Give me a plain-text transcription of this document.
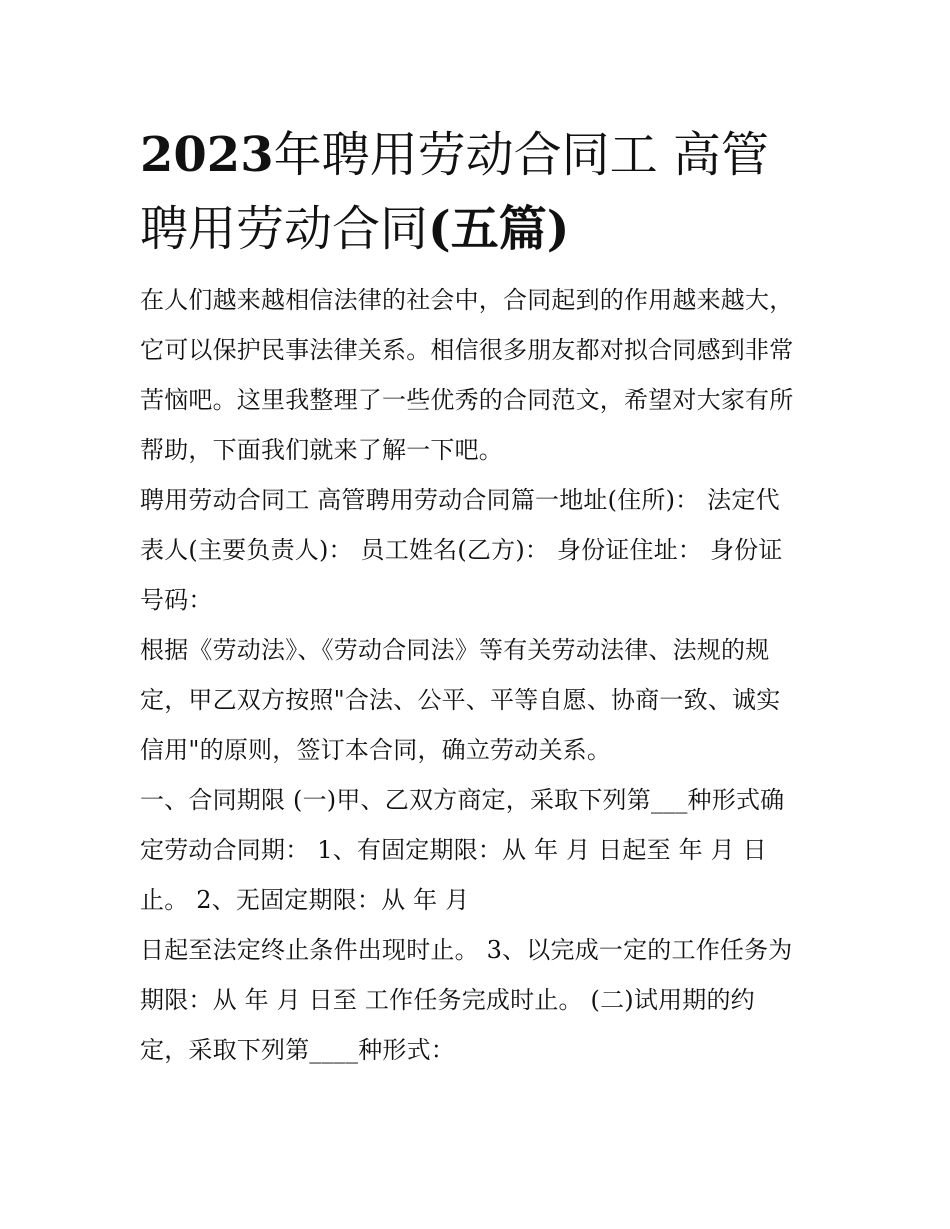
2023年聘用劳动合同工 高管
聘用劳动合同(五篇)
在人们越来越相信法律的社会中，合同起到的作用越来越大，
它可以保护民事法律关系。相信很多朋友都对拟合同感到非常
苦恼吧。这里我整理了一些优秀的合同范文，希望对大家有所
帮助，下面我们就来了解一下吧。
聘用劳动合同工 高管聘用劳动合同篇一地址(住所)： 法定代
表人(主要负责人)： 员工姓名(乙方)： 身份证住址： 身份证
号码：
根据《劳动法》、《劳动合同法》等有关劳动法律、法规的规
定，甲乙双方按照"合法、公平、平等自愿、协商一致、诚实
信用"的原则，签订本合同，确立劳动关系。
一、合同期限 (一)甲、乙双方商定，采取下列第___种形式确
定劳动合同期： 1、有固定期限：从 年 月 日起至 年 月 日
止。 2、无固定期限：从 年 月
日起至法定终止条件出现时止。 3、以完成一定的工作任务为
期限：从 年 月 日至 工作任务完成时止。 (二)试用期的约
定，采取下列第____种形式：
